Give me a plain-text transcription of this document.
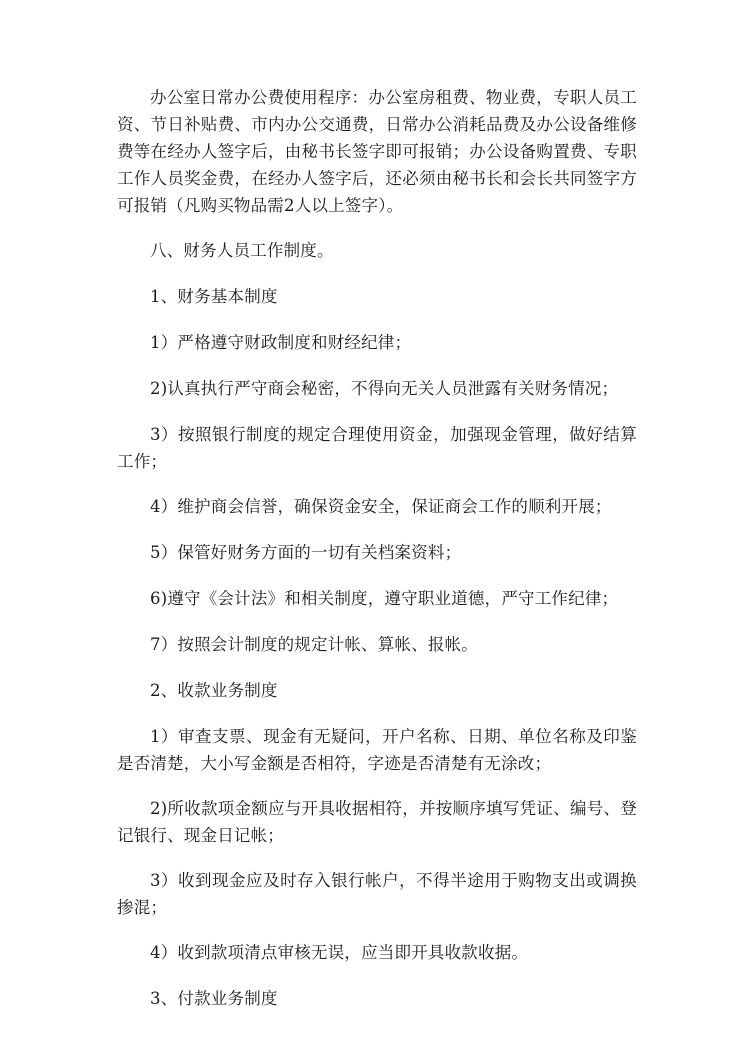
办公室日常办公费使用程序：办公室房租费、物业费，专职人员工资、节日补贴费、市内办公交通费，日常办公消耗品费及办公设备维修费等在经办人签字后，由秘书长签字即可报销；办公设备购置费、专职工作人员奖金费，在经办人签字后，还必须由秘书长和会长共同签字方可报销（凡购买物品需2人以上签字）。

八、财务人员工作制度。

1、财务基本制度

1）严格遵守财政制度和财经纪律；

2)认真执行严守商会秘密，不得向无关人员泄露有关财务情况；

3）按照银行制度的规定合理使用资金，加强现金管理，做好结算工作；

4）维护商会信誉，确保资金安全，保证商会工作的顺利开展；

5）保管好财务方面的一切有关档案资料；

6)遵守《会计法》和相关制度，遵守职业道德，严守工作纪律；

7）按照会计制度的规定计帐、算帐、报帐。

2、收款业务制度

1）审查支票、现金有无疑问，开户名称、日期、单位名称及印鉴是否清楚，大小写金额是否相符，字迹是否清楚有无涂改；

2)所收款项金额应与开具收据相符，并按顺序填写凭证、编号、登记银行、现金日记帐；

3）收到现金应及时存入银行帐户，不得半途用于购物支出或调换掺混；

4）收到款项清点审核无误，应当即开具收款收据。

3、付款业务制度
